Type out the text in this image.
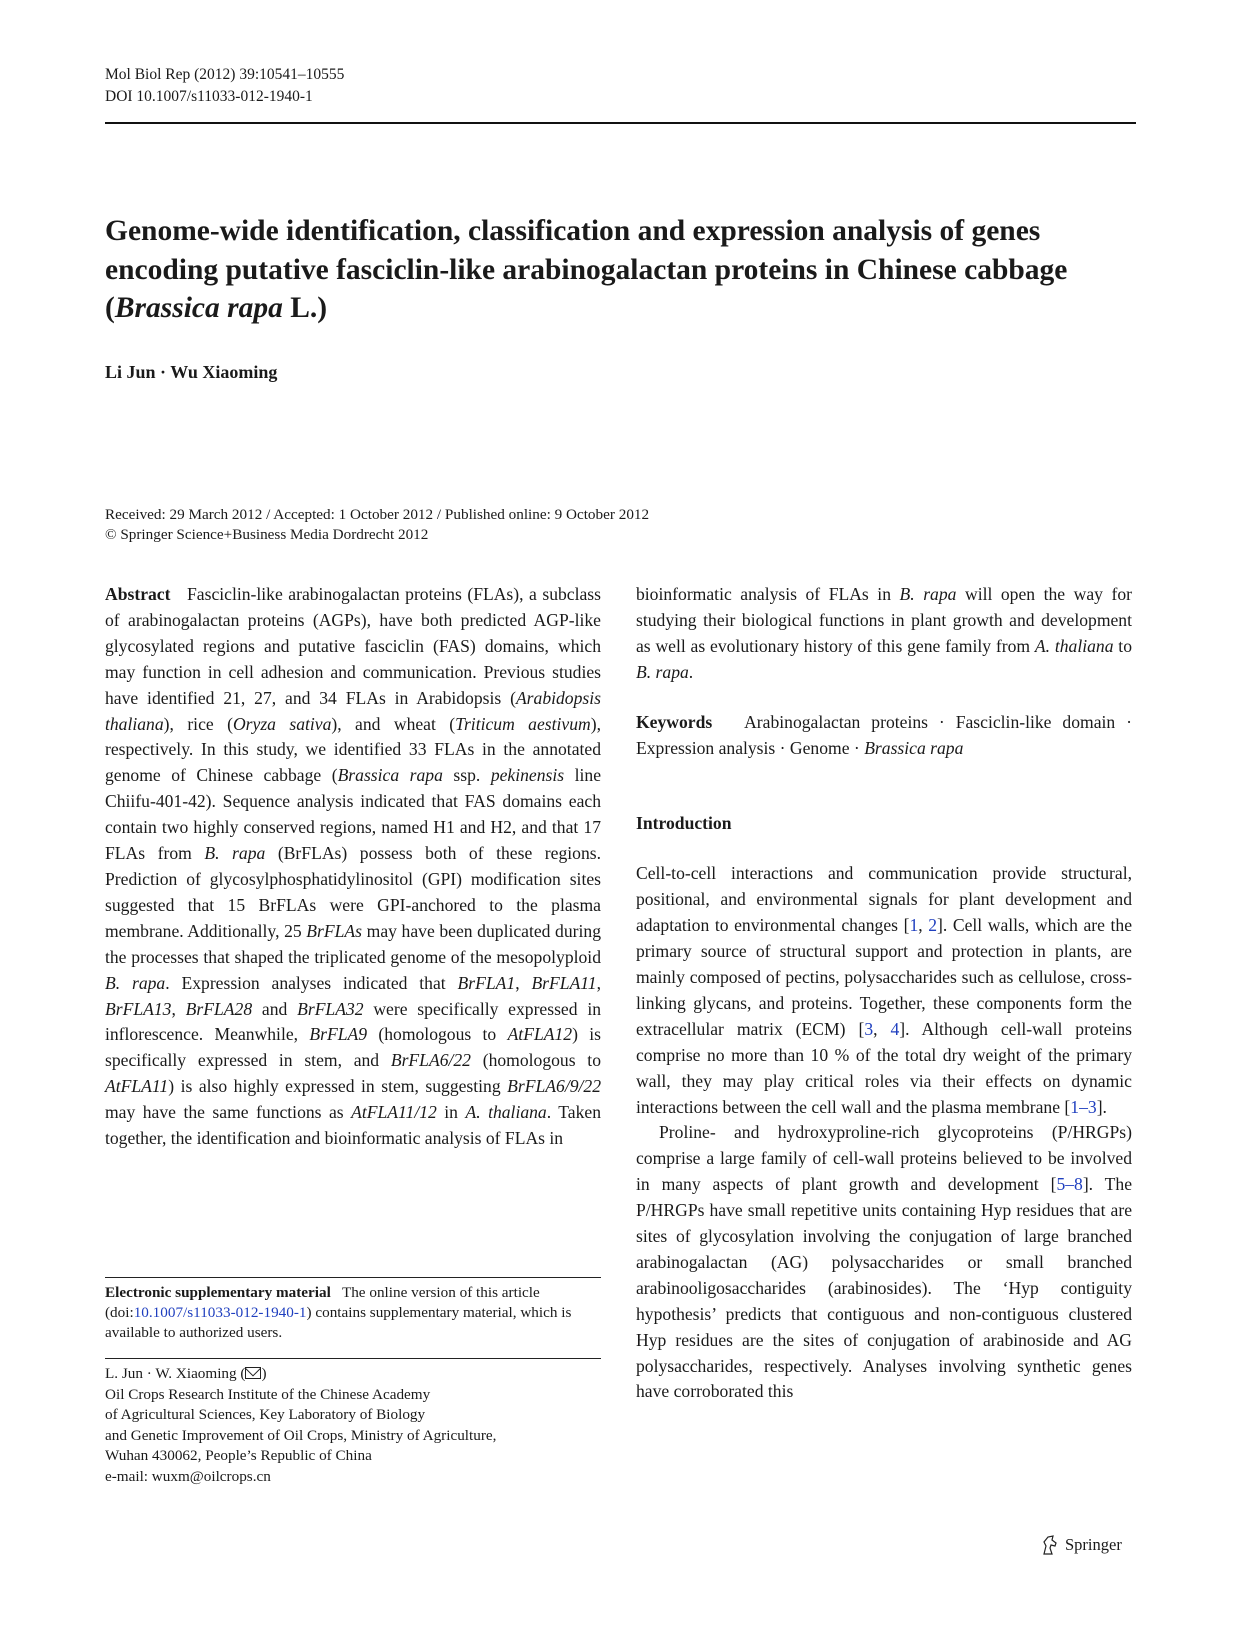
Mol Biol Rep (2012) 39:10541–10555
DOI 10.1007/s11033-012-1940-1
Genome-wide identification, classification and expression analysis of genes encoding putative fasciclin-like arabinogalactan proteins in Chinese cabbage (Brassica rapa L.)
Li Jun · Wu Xiaoming
Received: 29 March 2012 / Accepted: 1 October 2012 / Published online: 9 October 2012
© Springer Science+Business Media Dordrecht 2012

Abstract Fasciclin-like arabinogalactan proteins (FLAs), a subclass of arabinogalactan proteins (AGPs), have both predicted AGP-like glycosylated regions and putative fasciclin (FAS) domains, which may function in cell adhesion and communication. Previous studies have identified 21, 27, and 34 FLAs in Arabidopsis (Arabidopsis thaliana), rice (Oryza sativa), and wheat (Triticum aestivum), respectively. In this study, we identified 33 FLAs in the annotated genome of Chinese cabbage (Brassica rapa ssp. pekinensis line Chiifu-401-42). Sequence analysis indicated that FAS domains each contain two highly conserved regions, named H1 and H2, and that 17 FLAs from B. rapa (BrFLAs) possess both of these regions. Prediction of glycosylphosphatidylinositol (GPI) modification sites suggested that 15 BrFLAs were GPI-anchored to the plasma membrane. Additionally, 25 BrFLAs may have been duplicated during the processes that shaped the triplicated genome of the mesopolyploid B. rapa. Expression analyses indicated that BrFLA1, BrFLA11, BrFLA13, BrFLA28 and BrFLA32 were specifically expressed in inflorescence. Meanwhile, BrFLA9 (homologous to AtFLA12) is specifically expressed in stem, and BrFLA6/22 (homologous to AtFLA11) is also highly expressed in stem, suggesting BrFLA6/9/22 may have the same functions as AtFLA11/12 in A. thaliana. Taken together, the identification and bioinformatic analysis of FLAs in

bioinformatic analysis of FLAs in B. rapa will open the way for studying their biological functions in plant growth and development as well as evolutionary history of this gene family from A. thaliana to B. rapa.

Keywords Arabinogalactan proteins · Fasciclin-like domain · Expression analysis · Genome · Brassica rapa

Introduction

Cell-to-cell interactions and communication provide structural, positional, and environmental signals for plant development and adaptation to environmental changes [1, 2]. Cell walls, which are the primary source of structural support and protection in plants, are mainly composed of pectins, polysaccharides such as cellulose, cross-linking glycans, and proteins. Together, these components form the extracellular matrix (ECM) [3, 4]. Although cell-wall proteins comprise no more than 10 % of the total dry weight of the primary wall, they may play critical roles via their effects on dynamic interactions between the cell wall and the plasma membrane [1–3].

Proline- and hydroxyproline-rich glycoproteins (P/HRGPs) comprise a large family of cell-wall proteins believed to be involved in many aspects of plant growth and development [5–8]. The P/HRGPs have small repetitive units containing Hyp residues that are sites of glycosylation involving the conjugation of large branched arabinogalactan (AG) polysaccharides or small branched arabinooligosaccharides (arabinosides). The ‘Hyp contiguity hypothesis’ predicts that contiguous and non-contiguous clustered Hyp residues are the sites of conjugation of arabinoside and AG polysaccharides, respectively. Analyses involving synthetic genes have corroborated this

Electronic supplementary material The online version of this article (doi:10.1007/s11033-012-1940-1) contains supplementary material, which is available to authorized users.
L. Jun · W. Xiaoming ( )
Oil Crops Research Institute of the Chinese Academy
of Agricultural Sciences, Key Laboratory of Biology
and Genetic Improvement of Oil Crops, Ministry of Agriculture,
Wuhan 430062, People’s Republic of China
e-mail: wuxm@oilcrops.cn
Springer
